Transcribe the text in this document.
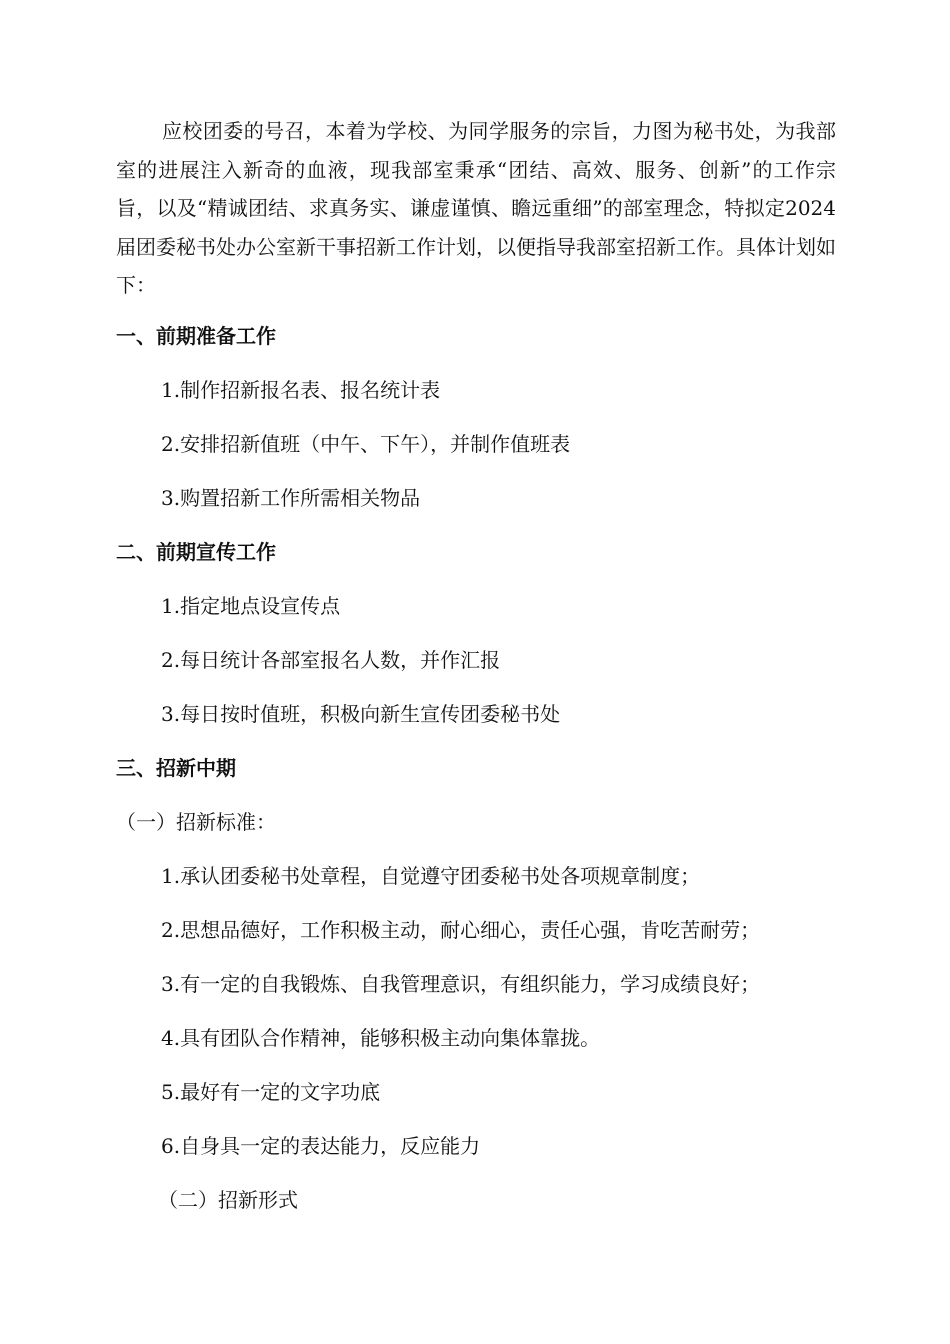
应校团委的号召，本着为学校、为同学服务的宗旨，力图为秘书处，为我部室的进展注入新奇的血液，现我部室秉承“团结、高效、服务、创新”的工作宗旨，以及“精诚团结、求真务实、谦虚谨慎、瞻远重细”的部室理念，特拟定2024届团委秘书处办公室新干事招新工作计划，以便指导我部室招新工作。具体计划如下：

一、前期准备工作
1.制作招新报名表、报名统计表
2.安排招新值班（中午、下午），并制作值班表
3.购置招新工作所需相关物品
二、前期宣传工作
1.指定地点设宣传点
2.每日统计各部室报名人数，并作汇报
3.每日按时值班，积极向新生宣传团委秘书处
三、招新中期
（一）招新标准：
1.承认团委秘书处章程，自觉遵守团委秘书处各项规章制度；
2.思想品德好，工作积极主动，耐心细心，责任心强，肯吃苦耐劳；
3.有一定的自我锻炼、自我管理意识，有组织能力，学习成绩良好；
4.具有团队合作精神，能够积极主动向集体靠拢。
5.最好有一定的文字功底
6.自身具一定的表达能力，反应能力
（二）招新形式
